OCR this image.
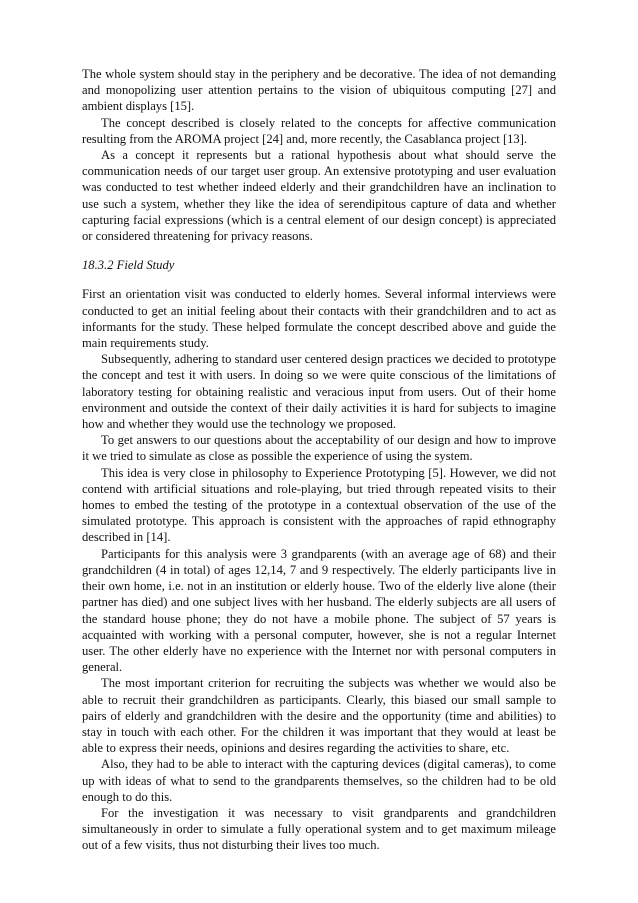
The whole system should stay in the periphery and be decorative. The idea of not demanding and monopolizing user attention pertains to the vision of ubiquitous computing [27] and ambient displays [15].

The concept described is closely related to the concepts for affective communication resulting from the AROMA project [24] and, more recently, the Casablanca project [13].

As a concept it represents but a rational hypothesis about what should serve the communication needs of our target user group. An extensive prototyping and user evaluation was conducted to test whether indeed elderly and their grandchildren have an inclination to use such a system, whether they like the idea of serendipitous capture of data and whether capturing facial expressions (which is a central element of our design concept) is appreciated or considered threatening for privacy reasons.

18.3.2 Field Study

First an orientation visit was conducted to elderly homes. Several informal interviews were conducted to get an initial feeling about their contacts with their grandchildren and to act as informants for the study. These helped formulate the concept described above and guide the main requirements study.

Subsequently, adhering to standard user centered design practices we decided to prototype the concept and test it with users. In doing so we were quite conscious of the limitations of laboratory testing for obtaining realistic and veracious input from users. Out of their home environment and outside the context of their daily activities it is hard for subjects to imagine how and whether they would use the technology we proposed.

To get answers to our questions about the acceptability of our design and how to improve it we tried to simulate as close as possible the experience of using the system.

This idea is very close in philosophy to Experience Prototyping [5]. However, we did not contend with artificial situations and role-playing, but tried through repeated visits to their homes to embed the testing of the prototype in a contextual observation of the use of the simulated prototype. This approach is consistent with the approaches of rapid ethnography described in [14].

Participants for this analysis were 3 grandparents (with an average age of 68) and their grandchildren (4 in total) of ages 12,14, 7 and 9 respectively. The elderly participants live in their own home, i.e. not in an institution or elderly house. Two of the elderly live alone (their partner has died) and one subject lives with her husband. The elderly subjects are all users of the standard house phone; they do not have a mobile phone. The subject of 57 years is acquainted with working with a personal computer, however, she is not a regular Internet user. The other elderly have no experience with the Internet nor with personal computers in general.

The most important criterion for recruiting the subjects was whether we would also be able to recruit their grandchildren as participants. Clearly, this biased our small sample to pairs of elderly and grandchildren with the desire and the opportunity (time and abilities) to stay in touch with each other. For the children it was important that they would at least be able to express their needs, opinions and desires regarding the activities to share, etc.

Also, they had to be able to interact with the capturing devices (digital cameras), to come up with ideas of what to send to the grandparents themselves, so the children had to be old enough to do this.

For the investigation it was necessary to visit grandparents and grandchildren simultaneously in order to simulate a fully operational system and to get maximum mileage out of a few visits, thus not disturbing their lives too much.
